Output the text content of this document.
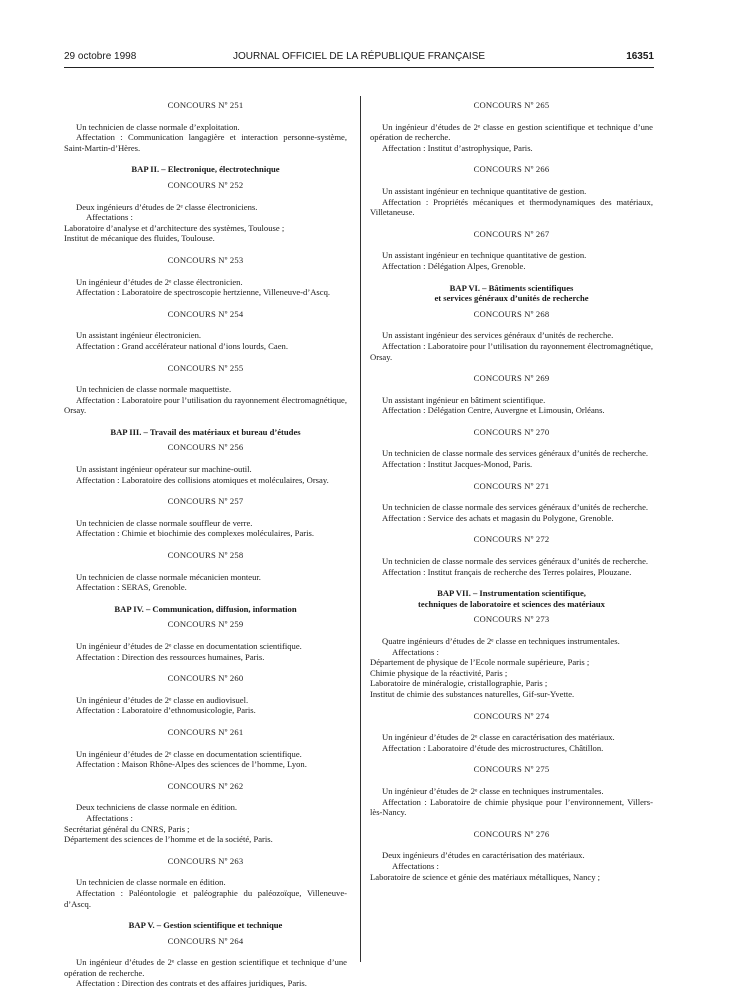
29 octobre 1998	JOURNAL OFFICIEL DE LA RÉPUBLIQUE FRANÇAISE	16351
CONCOURS Nº 251

Un technicien de classe normale d’exploitation.

Affectation : Communication langagière et interaction personne-système, Saint-Martin-d’Hères.

BAP II. – Electronique, électrotechnique
CONCOURS Nº 252

Deux ingénieurs d’études de 2ᵉ classe électroniciens.

Affectations :

Laboratoire d’analyse et d’architecture des systèmes, Toulouse ;

Institut de mécanique des fluides, Toulouse.

CONCOURS Nº 253

Un ingénieur d’études de 2ᵉ classe électronicien.

Affectation : Laboratoire de spectroscopie hertzienne, Villeneuve-d’Ascq.

CONCOURS Nº 254

Un assistant ingénieur électronicien.

Affectation : Grand accélérateur national d’ions lourds, Caen.

CONCOURS Nº 255

Un technicien de classe normale maquettiste.

Affectation : Laboratoire pour l’utilisation du rayonnement électromagnétique, Orsay.

BAP III. – Travail des matériaux et bureau d’études
CONCOURS Nº 256

Un assistant ingénieur opérateur sur machine-outil.

Affectation : Laboratoire des collisions atomiques et moléculaires, Orsay.

CONCOURS Nº 257

Un technicien de classe normale souffleur de verre.

Affectation : Chimie et biochimie des complexes moléculaires, Paris.

CONCOURS Nº 258

Un technicien de classe normale mécanicien monteur.

Affectation : SERAS, Grenoble.

BAP IV. – Communication, diffusion, information
CONCOURS Nº 259

Un ingénieur d’études de 2ᵉ classe en documentation scientifique.

Affectation : Direction des ressources humaines, Paris.

CONCOURS Nº 260

Un ingénieur d’études de 2ᵉ classe en audiovisuel.

Affectation : Laboratoire d’ethnomusicologie, Paris.

CONCOURS Nº 261

Un ingénieur d’études de 2ᵉ classe en documentation scientifique.

Affectation : Maison Rhône-Alpes des sciences de l’homme, Lyon.

CONCOURS Nº 262

Deux techniciens de classe normale en édition.

Affectations :

Secrétariat général du CNRS, Paris ;

Département des sciences de l’homme et de la société, Paris.

CONCOURS Nº 263

Un technicien de classe normale en édition.

Affectation : Paléontologie et paléographie du paléozoïque, Villeneuve-d’Ascq.

BAP V. – Gestion scientifique et technique
CONCOURS Nº 264

Un ingénieur d’études de 2ᵉ classe en gestion scientifique et technique d’une opération de recherche.

Affectation : Direction des contrats et des affaires juridiques, Paris.

CONCOURS Nº 265

Un ingénieur d’études de 2ᵉ classe en gestion scientifique et technique d’une opération de recherche.

Affectation : Institut d’astrophysique, Paris.

CONCOURS Nº 266

Un assistant ingénieur en technique quantitative de gestion.

Affectation : Propriétés mécaniques et thermodynamiques des matériaux, Villetaneuse.

CONCOURS Nº 267

Un assistant ingénieur en technique quantitative de gestion.

Affectation : Délégation Alpes, Grenoble.

BAP VI. – Bâtiments scientifiques
et services généraux d’unités de recherche
CONCOURS Nº 268

Un assistant ingénieur des services généraux d’unités de recherche.

Affectation : Laboratoire pour l’utilisation du rayonnement électromagnétique, Orsay.

CONCOURS Nº 269

Un assistant ingénieur en bâtiment scientifique.

Affectation : Délégation Centre, Auvergne et Limousin, Orléans.

CONCOURS Nº 270

Un technicien de classe normale des services généraux d’unités de recherche.

Affectation : Institut Jacques-Monod, Paris.

CONCOURS Nº 271

Un technicien de classe normale des services généraux d’unités de recherche.

Affectation : Service des achats et magasin du Polygone, Grenoble.

CONCOURS Nº 272

Un technicien de classe normale des services généraux d’unités de recherche.

Affectation : Institut français de recherche des Terres polaires, Plouzane.

BAP VII. – Instrumentation scientifique,
techniques de laboratoire et sciences des matériaux
CONCOURS Nº 273

Quatre ingénieurs d’études de 2ᵉ classe en techniques instrumentales.

Affectations :

Département de physique de l’Ecole normale supérieure, Paris ;

Chimie physique de la réactivité, Paris ;

Laboratoire de minéralogie, cristallographie, Paris ;

Institut de chimie des substances naturelles, Gif-sur-Yvette.

CONCOURS Nº 274

Un ingénieur d’études de 2ᵉ classe en caractérisation des matériaux.

Affectation : Laboratoire d’étude des microstructures, Châtillon.

CONCOURS Nº 275

Un ingénieur d’études de 2ᵉ classe en techniques instrumentales.

Affectation : Laboratoire de chimie physique pour l’environnement, Villers-lès-Nancy.

CONCOURS Nº 276

Deux ingénieurs d’études en caractérisation des matériaux.

Affectations :

Laboratoire de science et génie des matériaux métalliques, Nancy ;
